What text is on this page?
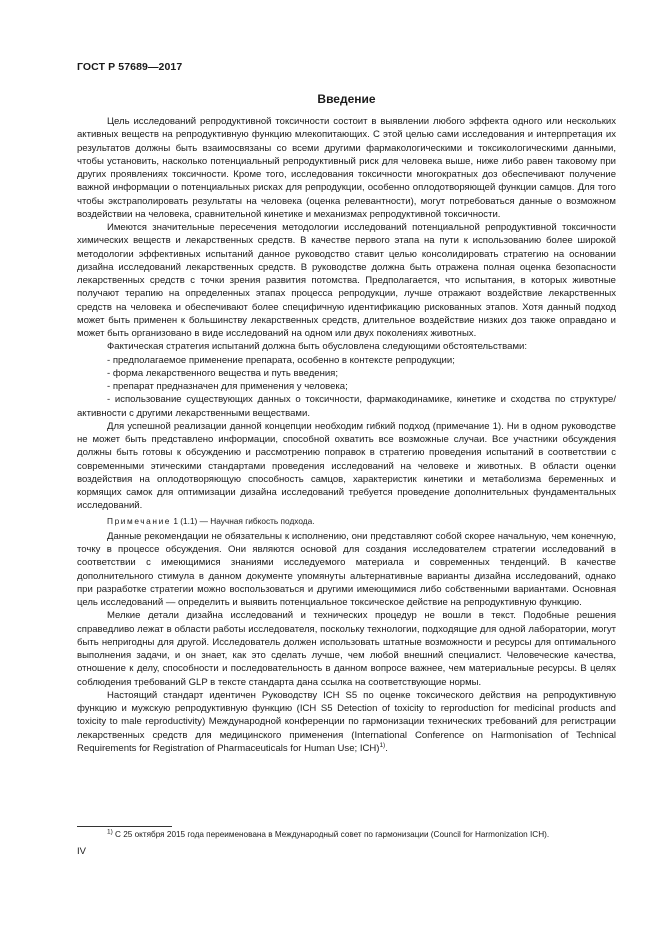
ГОСТ Р 57689—2017
Введение

Цель исследований репродуктивной токсичности состоит в выявлении любого эффекта одного или нескольких активных веществ на репродуктивную функцию млекопитающих. С этой целью сами исследования и интерпретация их результатов должны быть взаимосвязаны со всеми другими фармакологическими и токсикологическими данными, чтобы установить, насколько потенциальный репродуктивный риск для человека выше, ниже либо равен таковому при других проявлениях токсичности. Кроме того, исследования токсичности многократных доз обеспечивают получение важной информации о потенциальных рисках для репродукции, особенно оплодотворяющей функции самцов. Для того чтобы экстраполировать результаты на человека (оценка релевантности), могут потребоваться данные о возможном воздействии на человека, сравнительной кинетике и механизмах репродуктивной токсичности.

Имеются значительные пересечения методологии исследований потенциальной репродуктивной токсичности химических веществ и лекарственных средств. В качестве первого этапа на пути к использованию более широкой методологии эффективных испытаний данное руководство ставит целью консолидировать стратегию на основании дизайна исследований лекарственных средств. В руководстве должна быть отражена полная оценка безопасности лекарственных средств с точки зрения развития потомства. Предполагается, что испытания, в которых животные получают терапию на определенных этапах процесса репродукции, лучше отражают воздействие лекарственных средств на человека и обеспечивают более специфичную идентификацию рискованных этапов. Хотя данный подход может быть применен к большинству лекарственных средств, длительное воздействие низких доз также оправдано и может быть организовано в виде исследований на одном или двух поколениях животных.

Фактическая стратегия испытаний должна быть обусловлена следующими обстоятельствами:

- предполагаемое применение препарата, особенно в контексте репродукции;

- форма лекарственного вещества и путь введения;

- препарат предназначен для применения у человека;

- использование существующих данных о токсичности, фармакодинамике, кинетике и сходства по структуре/активности с другими лекарственными веществами.

Для успешной реализации данной концепции необходим гибкий подход (примечание 1). Ни в одном руководстве не может быть представлено информации, способной охватить все возможные случаи. Все участники обсуждения должны быть готовы к обсуждению и рассмотрению поправок в стратегию проведения испытаний в соответствии с современными этическими стандартами проведения исследований на человеке и животных. В области оценки воздействия на оплодотворяющую способность самцов, характеристик кинетики и метаболизма беременных и кормящих самок для оптимизации дизайна исследований требуется проведение дополнительных фундаментальных исследований.

Примечание 1 (1.1) — Научная гибкость подхода.

Данные рекомендации не обязательны к исполнению, они представляют собой скорее начальную, чем конечную, точку в процессе обсуждения. Они являются основой для создания исследователем стратегии исследований в соответствии с имеющимися знаниями исследуемого материала и современных тенденций. В качестве дополнительного стимула в данном документе упомянуты альтернативные варианты дизайна исследований, однако при разработке стратегии можно воспользоваться и другими имеющимися либо собственными вариантами. Основная цель исследований — определить и выявить потенциальное токсическое действие на репродуктивную функцию.

Мелкие детали дизайна исследований и технических процедур не вошли в текст. Подобные решения справедливо лежат в области работы исследователя, поскольку технологии, подходящие для одной лаборатории, могут быть непригодны для другой. Исследователь должен использовать штатные возможности и ресурсы для оптимального выполнения задачи, и он знает, как это сделать лучше, чем любой внешний специалист. Человеческие качества, отношение к делу, способности и последовательность в данном вопросе важнее, чем материальные ресурсы. В целях соблюдения требований GLP в тексте стандарта дана ссылка на соответствующие нормы.

Настоящий стандарт идентичен Руководству ICH S5 по оценке токсического действия на репродуктивную функцию и мужскую репродуктивную функцию (ICH S5 Detection of toxicity to reproduction for medicinal products and toxicity to male reproductivity) Международной конференции по гармонизации технических требований для регистрации лекарственных средств для медицинского применения (International Conference on Harmonisation of Technical Requirements for Registration of Pharmaceuticals for Human Use; ICH)$^{1)}$.

$^{1)}$ С 25 октября 2015 года переименована в Международный совет по гармонизации (Council for Harmonization ICH).
IV
